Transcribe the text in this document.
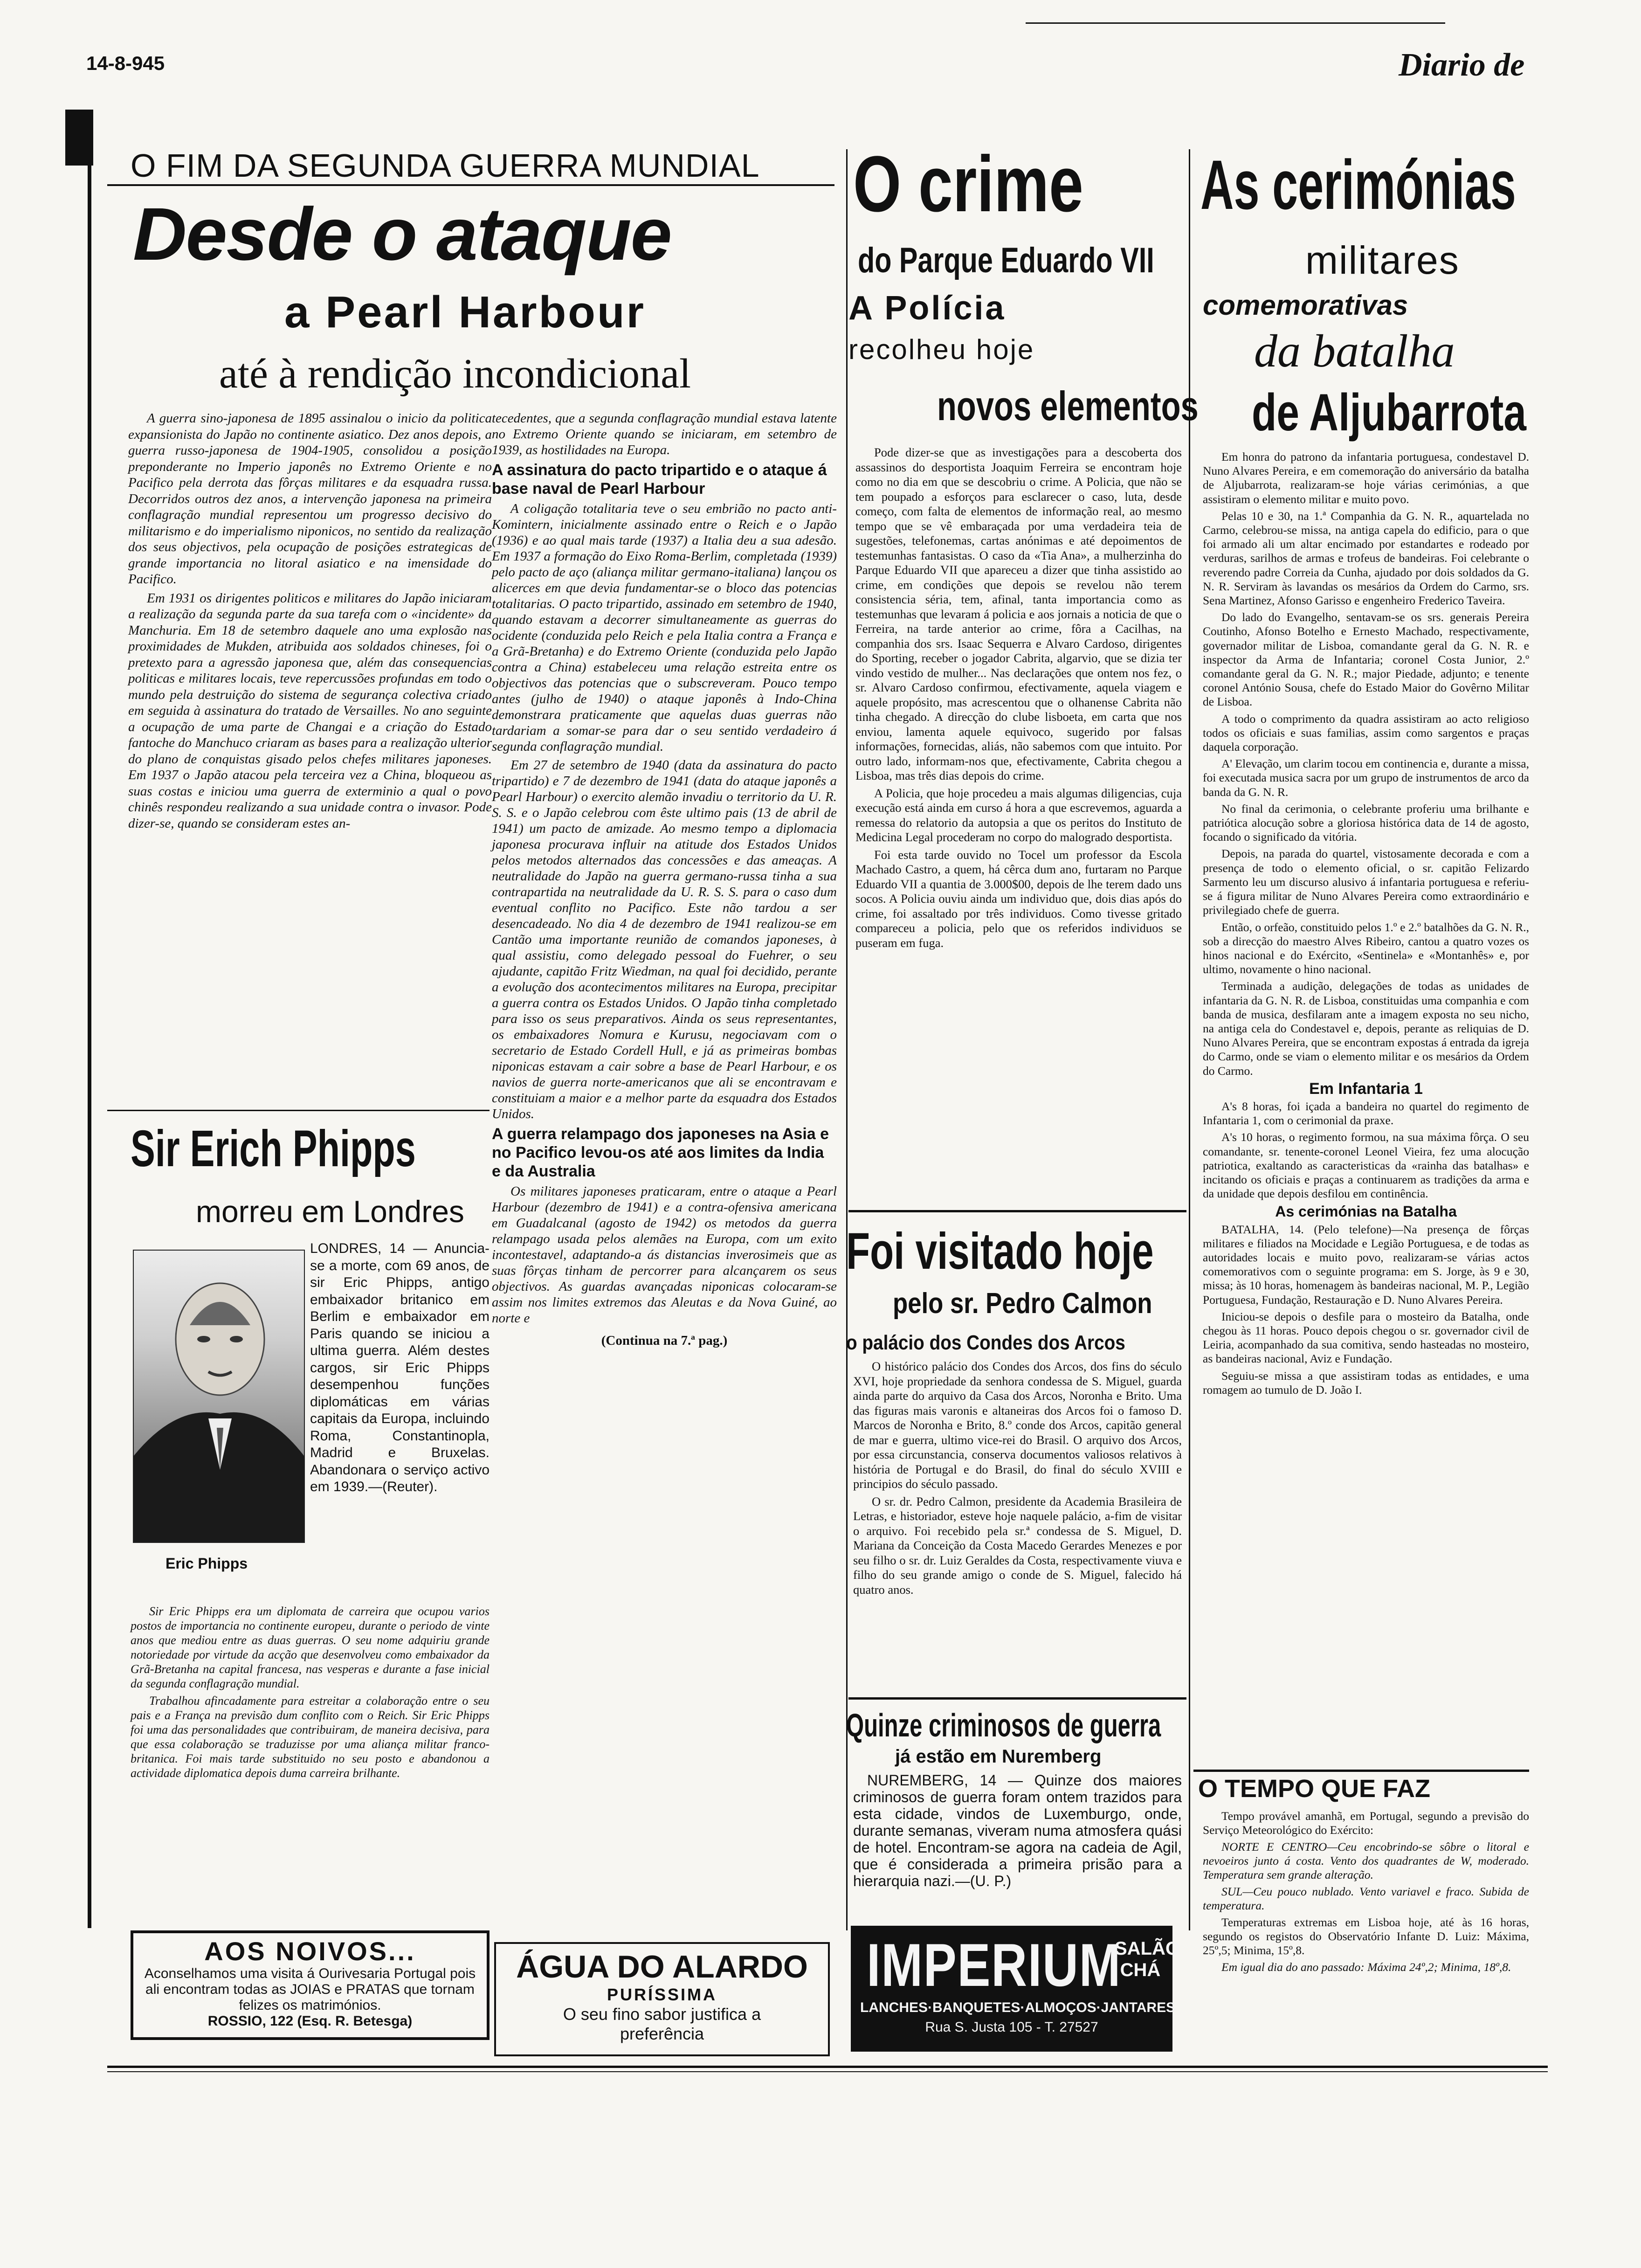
14-8-945	Diario de
O FIM DA SEGUNDA GUERRA MUNDIAL
Desde o ataque
a Pearl Harbour
até à rendição incondicional

A guerra sino-japonesa de 1895 assinalou o inicio da politica expansionista do Japão no continente asiatico. Dez anos depois, a guerra russo-japonesa de 1904-1905, consolidou a posição preponderante no Imperio japonês no Extremo Oriente e no Pacifico pela derrota das fôrças militares e da esquadra russa. Decorridos outros dez anos, a intervenção japonesa na primeira conflagração mundial representou um progresso decisivo do militarismo e do imperialismo niponicos, no sentido da realização dos seus objectivos, pela ocupação de posições estrategicas de grande importancia no litoral asiatico e na imensidade do Pacifico.

Em 1931 os dirigentes politicos e militares do Japão iniciaram a realização da segunda parte da sua tarefa com o «incidente» da Manchuria. Em 18 de setembro daquele ano uma explosão nas proximidades de Mukden, atribuida aos soldados chineses, foi o pretexto para a agressão japonesa que, além das consequencias politicas e militares locais, teve repercussões profundas em todo o mundo pela destruição do sistema de segurança colectiva criado em seguida à assinatura do tratado de Versailles. No ano seguinte a ocupação de uma parte de Changai e a criação do Estado fantoche do Manchuco criaram as bases para a realização ulterior do plano de conquistas gisado pelos chefes militares japoneses. Em 1937 o Japão atacou pela terceira vez a China, bloqueou as suas costas e iniciou uma guerra de exterminio a qual o povo chinês respondeu realizando a sua unidade contra o invasor. Pode dizer-se, quando se consideram estes an-

tecedentes, que a segunda conflagração mundial estava latente no Extremo Oriente quando se iniciaram, em setembro de 1939, as hostilidades na Europa.

A assinatura do pacto tripartido e o ataque á base naval de Pearl Harbour

A coligação totalitaria teve o seu embrião no pacto anti-Komintern, inicialmente assinado entre o Reich e o Japão (1936) e ao qual mais tarde (1937) a Italia deu a sua adesão. Em 1937 a formação do Eixo Roma-Berlim, completada (1939) pelo pacto de aço (aliança militar germano-italiana) lançou os alicerces em que devia fundamentar-se o bloco das potencias totalitarias. O pacto tripartido, assinado em setembro de 1940, quando estavam a decorrer simultaneamente as guerras do ocidente (conduzida pelo Reich e pela Italia contra a França e a Grã-Bretanha) e do Extremo Oriente (conduzida pelo Japão contra a China) estabeleceu uma relação estreita entre os objectivos das potencias que o subscreveram. Pouco tempo antes (julho de 1940) o ataque japonês à Indo-China demonstrara praticamente que aquelas duas guerras não tardariam a somar-se para dar o seu sentido verdadeiro á segunda conflagração mundial.

Em 27 de setembro de 1940 (data da assinatura do pacto tripartido) e 7 de dezembro de 1941 (data do ataque japonês a Pearl Harbour) o exercito alemão invadiu o territorio da U. R. S. S. e o Japão celebrou com êste ultimo pais (13 de abril de 1941) um pacto de amizade. Ao mesmo tempo a diplomacia japonesa procurava influir na atitude dos Estados Unidos pelos metodos alternados das concessões e das ameaças. A neutralidade do Japão na guerra germano-russa tinha a sua contrapartida na neutralidade da U. R. S. S. para o caso dum eventual conflito no Pacifico. Este não tardou a ser desencadeado. No dia 4 de dezembro de 1941 realizou-se em Cantão uma importante reunião de comandos japoneses, à qual assistiu, como delegado pessoal do Fuehrer, o seu ajudante, capitão Fritz Wiedman, na qual foi decidido, perante a evolução dos acontecimentos militares na Europa, precipitar a guerra contra os Estados Unidos. O Japão tinha completado para isso os seus preparativos. Ainda os seus representantes, os embaixadores Nomura e Kurusu, negociavam com o secretario de Estado Cordell Hull, e já as primeiras bombas niponicas estavam a cair sobre a base de Pearl Harbour, e os navios de guerra norte-americanos que ali se encontravam e constituiam a maior e a melhor parte da esquadra dos Estados Unidos.

A guerra relampago dos japoneses na Asia e no Pacifico levou-os até aos limites da India e da Australia

Os militares japoneses praticaram, entre o ataque a Pearl Harbour (dezembro de 1941) e a contra-ofensiva americana em Guadalcanal (agosto de 1942) os metodos da guerra relampago usada pelos alemães na Europa, com um exito incontestavel, adaptando-a ás distancias inverosimeis que as suas fôrças tinham de percorrer para alcançarem os seus objectivos. As guardas avançadas niponicas colocaram-se assim nos limites extremos das Aleutas e da Nova Guiné, ao norte e

(Continua na 7.ª pag.)
Sir Erich Phipps
morreu em Londres
Eric Phipps
LONDRES, 14 — Anuncia-se a morte, com 69 anos, de sir Eric Phipps, antigo embaixador britanico em Berlim e embaixador em Paris quando se iniciou a ultima guerra. Além destes cargos, sir Eric Phipps desempenhou funções diplomáticas em várias capitais da Europa, incluindo Roma, Constantinopla, Madrid e Bruxelas. Abandonara o serviço activo em 1939.—(Reuter).

Sir Eric Phipps era um diplomata de carreira que ocupou varios postos de importancia no continente europeu, durante o periodo de vinte anos que mediou entre as duas guerras. O seu nome adquiriu grande notoriedade por virtude da acção que desenvolveu como embaixador da Grã-Bretanha na capital francesa, nas vesperas e durante a fase inicial da segunda conflagração mundial.

Trabalhou afincadamente para estreitar a colaboração entre o seu pais e a França na previsão dum conflito com o Reich. Sir Eric Phipps foi uma das personalidades que contribuiram, de maneira decisiva, para que essa colaboração se traduzisse por uma aliança militar franco-britanica. Foi mais tarde substituido no seu posto e abandonou a actividade diplomatica depois duma carreira brilhante.

AOS NOIVOS...
Aconselhamos uma visita á Ourivesaria Portugal pois ali encontram todas as JOIAS e PRATAS que tornam felizes os matrimónios.
ROSSIO, 122 (Esq. R. Betesga)
ÁGUA DO ALARDO
PURÍSSIMA
O seu fino sabor justifica a preferência
IMPERIUM
SALÃO CHÁ
LANCHES·BANQUETES·ALMOÇOS·JANTARES
Rua S. Justa 105 - T. 27527
O crime
do Parque Eduardo VII
A Polícia
recolheu hoje
novos elementos

Pode dizer-se que as investigações para a descoberta dos assassinos do desportista Joaquim Ferreira se encontram hoje como no dia em que se descobriu o crime. A Policia, que não se tem poupado a esforços para esclarecer o caso, luta, desde começo, com falta de elementos de informação real, ao mesmo tempo que se vê embaraçada por uma verdadeira teia de sugestões, telefonemas, cartas anónimas e até depoimentos de testemunhas fantasistas. O caso da «Tia Ana», a mulherzinha do Parque Eduardo VII que apareceu a dizer que tinha assistido ao crime, em condições que depois se revelou não terem consistencia séria, tem, afinal, tanta importancia como as testemunhas que levaram á policia e aos jornais a noticia de que o Ferreira, na tarde anterior ao crime, fôra a Cacilhas, na companhia dos srs. Isaac Sequerra e Alvaro Cardoso, dirigentes do Sporting, receber o jogador Cabrita, algarvio, que se dizia ter vindo vestido de mulher... Nas declarações que ontem nos fez, o sr. Alvaro Cardoso confirmou, efectivamente, aquela viagem e aquele propósito, mas acrescentou que o olhanense Cabrita não tinha chegado. A direcção do clube lisboeta, em carta que nos enviou, lamenta aquele equivoco, sugerido por falsas informações, fornecidas, aliás, não sabemos com que intuito. Por outro lado, informam-nos que, efectivamente, Cabrita chegou a Lisboa, mas três dias depois do crime.

A Policia, que hoje procedeu a mais algumas diligencias, cuja execução está ainda em curso á hora a que escrevemos, aguarda a remessa do relatorio da autopsia a que os peritos do Instituto de Medicina Legal procederam no corpo do malogrado desportista.

Foi esta tarde ouvido no Tocel um professor da Escola Machado Castro, a quem, há cêrca dum ano, furtaram no Parque Eduardo VII a quantia de 3.000$00, depois de lhe terem dado uns socos. A Policia ouviu ainda um individuo que, dois dias após do crime, foi assaltado por três individuos. Como tivesse gritado compareceu a policia, pelo que os referidos individuos se puseram em fuga.

Foi visitado hoje
pelo sr. Pedro Calmon
o palácio dos Condes dos Arcos

O histórico palácio dos Condes dos Arcos, dos fins do século XVI, hoje propriedade da senhora condessa de S. Miguel, guarda ainda parte do arquivo da Casa dos Arcos, Noronha e Brito. Uma das figuras mais varonis e altaneiras dos Arcos foi o famoso D. Marcos de Noronha e Brito, 8.º conde dos Arcos, capitão general de mar e guerra, ultimo vice-rei do Brasil. O arquivo dos Arcos, por essa circunstancia, conserva documentos valiosos relativos à história de Portugal e do Brasil, do final do século XVIII e principios do século passado.

O sr. dr. Pedro Calmon, presidente da Academia Brasileira de Letras, e historiador, esteve hoje naquele palácio, a-fim de visitar o arquivo. Foi recebido pela sr.ª condessa de S. Miguel, D. Mariana da Conceição da Costa Macedo Gerardes Menezes e por seu filho o sr. dr. Luiz Geraldes da Costa, respectivamente viuva e filho do seu grande amigo o conde de S. Miguel, falecido há quatro anos.

Quinze criminosos de guerra
já estão em Nuremberg
NUREMBERG, 14 — Quinze dos maiores criminosos de guerra foram ontem trazidos para esta cidade, vindos de Luxemburgo, onde, durante semanas, viveram numa atmosfera quási de hotel. Encontram-se agora na cadeia de Agil, que é considerada a primeira prisão para a hierarquia nazi.—(U. P.)
As cerimónias
militares
comemorativas
da batalha
de Aljubarrota

Em honra do patrono da infantaria portuguesa, condestavel D. Nuno Alvares Pereira, e em comemoração do aniversário da batalha de Aljubarrota, realizaram-se hoje várias cerimónias, a que assistiram o elemento militar e muito povo.

Pelas 10 e 30, na 1.ª Companhia da G. N. R., aquartelada no Carmo, celebrou-se missa, na antiga capela do edificio, para o que foi armado ali um altar encimado por estandartes e rodeado por verduras, sarilhos de armas e trofeus de bandeiras. Foi celebrante o reverendo padre Correia da Cunha, ajudado por dois soldados da G. N. R. Serviram às lavandas os mesários da Ordem do Carmo, srs. Sena Martinez, Afonso Garisso e engenheiro Frederico Taveira.

Do lado do Evangelho, sentavam-se os srs. generais Pereira Coutinho, Afonso Botelho e Ernesto Machado, respectivamente, governador militar de Lisboa, comandante geral da G. N. R. e inspector da Arma de Infantaria; coronel Costa Junior, 2.º comandante geral da G. N. R.; major Piedade, adjunto; e tenente coronel António Sousa, chefe do Estado Maior do Govêrno Militar de Lisboa.

A todo o comprimento da quadra assistiram ao acto religioso todos os oficiais e suas familias, assim como sargentos e praças daquela corporação.

A' Elevação, um clarim tocou em continencia e, durante a missa, foi executada musica sacra por um grupo de instrumentos de arco da banda da G. N. R.

No final da cerimonia, o celebrante proferiu uma brilhante e patriótica alocução sobre a gloriosa histórica data de 14 de agosto, focando o significado da vitória.

Depois, na parada do quartel, vistosamente decorada e com a presença de todo o elemento oficial, o sr. capitão Felizardo Sarmento leu um discurso alusivo á infantaria portuguesa e referiu-se á figura militar de Nuno Alvares Pereira como extraordinário e privilegiado chefe de guerra.

Então, o orfeão, constituido pelos 1.º e 2.º batalhões da G. N. R., sob a direcção do maestro Alves Ribeiro, cantou a quatro vozes os hinos nacional e do Exército, «Sentinela» e «Montanhês» e, por ultimo, novamente o hino nacional.

Terminada a audição, delegações de todas as unidades de infantaria da G. N. R. de Lisboa, constituidas uma companhia e com banda de musica, desfilaram ante a imagem exposta no seu nicho, na antiga cela do Condestavel e, depois, perante as reliquias de D. Nuno Alvares Pereira, que se encontram expostas á entrada da igreja do Carmo, onde se viam o elemento militar e os mesários da Ordem do Carmo.

Em Infantaria 1

A's 8 horas, foi içada a bandeira no quartel do regimento de Infantaria 1, com o cerimonial da praxe.

A's 10 horas, o regimento formou, na sua máxima fôrça. O seu comandante, sr. tenente-coronel Leonel Vieira, fez uma alocução patriotica, exaltando as caracteristicas da «rainha das batalhas» e incitando os oficiais e praças a continuarem as tradições da arma e da unidade que depois desfilou em continência.

As cerimónias na Batalha

BATALHA, 14. (Pelo telefone)—Na presença de fôrças militares e filiados na Mocidade e Legião Portuguesa, e de todas as autoridades locais e muito povo, realizaram-se várias actos comemorativos com o seguinte programa: em S. Jorge, às 9 e 30, missa; às 10 horas, homenagem às bandeiras nacional, M. P., Legião Portuguesa, Fundação, Restauração e D. Nuno Alvares Pereira.

Iniciou-se depois o desfile para o mosteiro da Batalha, onde chegou às 11 horas. Pouco depois chegou o sr. governador civil de Leiria, acompanhado da sua comitiva, sendo hasteadas no mosteiro, as bandeiras nacional, Aviz e Fundação.

Seguiu-se missa a que assistiram todas as entidades, e uma romagem ao tumulo de D. João I.

O TEMPO QUE FAZ

Tempo provável amanhã, em Portugal, segundo a previsão do Serviço Meteorológico do Exército:

NORTE E CENTRO—Ceu encobrindo-se sôbre o litoral e nevoeiros junto á costa. Vento dos quadrantes de W, moderado. Temperatura sem grande alteração.

SUL—Ceu pouco nublado. Vento variavel e fraco. Subida de temperatura.

Temperaturas extremas em Lisboa hoje, até às 16 horas, segundo os registos do Observatório Infante D. Luiz: Máxima, 25º,5; Minima, 15º,8.

Em igual dia do ano passado: Máxima 24º,2; Minima, 18º,8.
